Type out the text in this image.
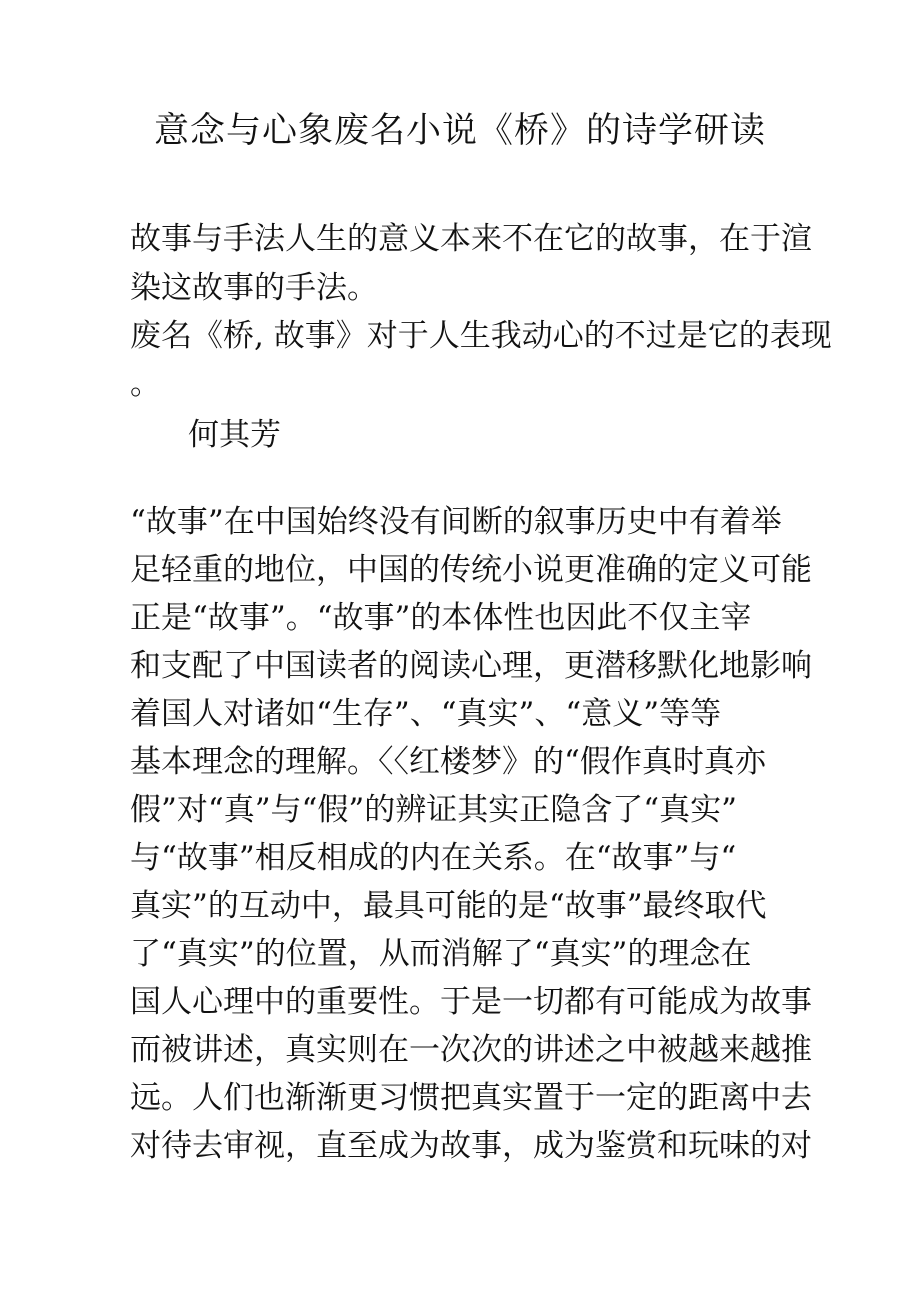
意念与心象废名小说《桥》的诗学研读
故事与手法人生的意义本来不在它的故事，在于渲
染这故事的手法。
废名《桥, 故事》对于人生我动心的不过是它的表现
。
何其芳
“故事”在中国始终没有间断的叙事历史中有着举
足轻重的地位，中国的传统小说更准确的定义可能
正是“故事”。“故事”的本体性也因此不仅主宰
和支配了中国读者的阅读心理，更潜移默化地影响
着国人对诸如“生存”、“真实”、“意义”等等
基本理念的理解。〈〈红楼梦》的“假作真时真亦
假”对“真”与“假”的辨证其实正隐含了“真实”
与“故事”相反相成的内在关系。在“故事”与“
真实”的互动中，最具可能的是“故事”最终取代
了“真实”的位置，从而消解了“真实”的理念在
国人心理中的重要性。于是一切都有可能成为故事
而被讲述，真实则在一次次的讲述之中被越来越推
远。人们也渐渐更习惯把真实置于一定的距离中去
对待去审视，直至成为故事，成为鉴赏和玩味的对
